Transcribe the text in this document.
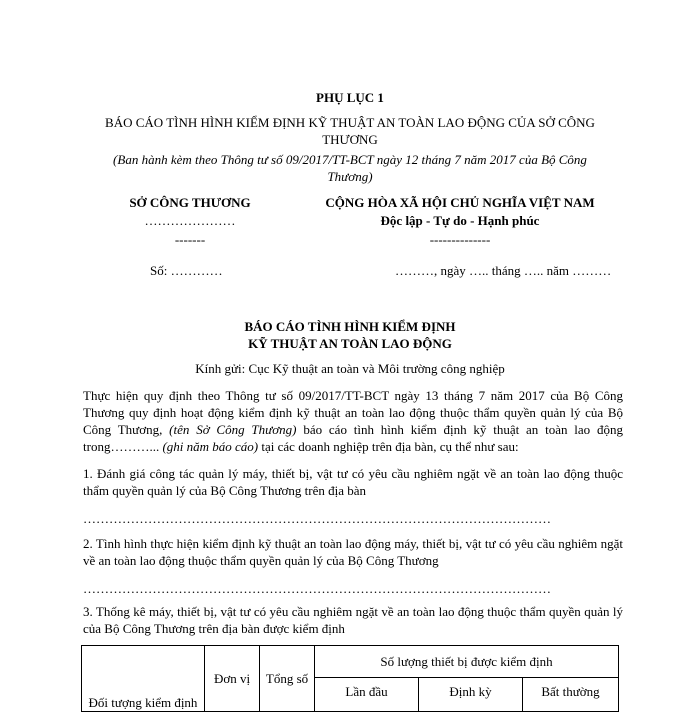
PHỤ LỤC 1
BÁO CÁO TÌNH HÌNH KIỂM ĐỊNH KỸ THUẬT AN TOÀN LAO ĐỘNG CỦA SỞ CÔNG
THƯƠNG
(Ban hành kèm theo Thông tư số 09/2017/TT-BCT ngày 12 tháng 7 năm 2017 của Bộ Công
Thương)
SỞ CÔNG THƯƠNG
…………………
-------
Số: …………
CỘNG HÒA XÃ HỘI CHỦ NGHĨA VIỆT NAM
Độc lập - Tự do - Hạnh phúc
--------------
………, ngày ….. tháng ….. năm ………
BÁO CÁO TÌNH HÌNH KIỂM ĐỊNH
KỸ THUẬT AN TOÀN LAO ĐỘNG
Kính gửi: Cục Kỹ thuật an toàn và Môi trường công nghiệp
Thực hiện quy định theo Thông tư số 09/2017/TT-BCT ngày 13 tháng 7 năm 2017 của Bộ Công Thương quy định hoạt động kiểm định kỹ thuật an toàn lao động thuộc thẩm quyền quản lý của Bộ Công Thương, (tên Sở Công Thương) báo cáo tình hình kiểm định kỹ thuật an toàn lao động trong………... (ghi năm báo cáo) tại các doanh nghiệp trên địa bàn, cụ thể như sau:
1. Đánh giá công tác quản lý máy, thiết bị, vật tư có yêu cầu nghiêm ngặt về an toàn lao động thuộc thẩm quyền quản lý của Bộ Công Thương trên địa bàn
………………………………………………………………………………………………
2. Tình hình thực hiện kiểm định kỹ thuật an toàn lao động máy, thiết bị, vật tư có yêu cầu nghiêm ngặt về an toàn lao động thuộc thẩm quyền quản lý của Bộ Công Thương
………………………………………………………………………………………………
3. Thống kê máy, thiết bị, vật tư có yêu cầu nghiêm ngặt về an toàn lao động thuộc thẩm quyền quản lý của Bộ Công Thương trên địa bàn được kiểm định
Đối tượng kiểm định	Đơn vị	Tổng số	Số lượng thiết bị được kiểm định		
			Lần đầu	Định kỳ	Bất thường
